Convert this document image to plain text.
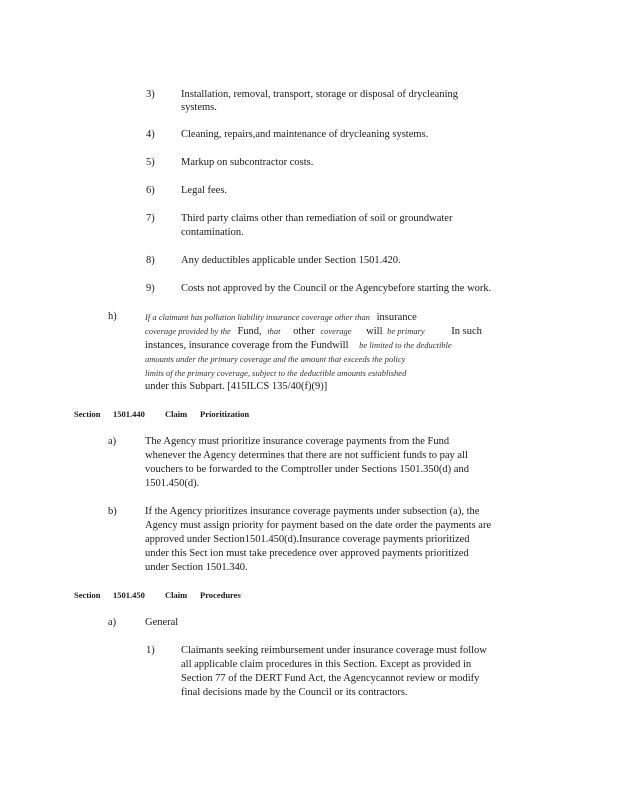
3)	Installation, removal, transport, storage or disposal of drycleaning
systems.
4)	Cleaning, repairs,and maintenance of drycleaning systems.
5)	Markup on subcontractor costs.
6)	Legal fees.
7)	Third party claims other than remediation of soil or groundwater
contamination.
8)	Any deductibles applicable under Section 1501.420.
9)	Costs not approved by the Council or the Agencybefore starting the work.
h)	If a claimant has pollution liability insurance coverage other than insurance
coverage provided by the Fund, that other coverage will be primary	In such
instances, insurance coverage from the Fundwill be limited to the deductible
amounts under the primary coverage and the amount that exceeds the policy
limits of the primary coverage, subject to the deductible amounts established
under this Subpart. [415ILCS 135/40(f)(9)]
Section 1501.440 Claim Prioritization
a)	The Agency must prioritize insurance coverage payments from the Fund
whenever the Agency determines that there are not sufficient funds to pay all
vouchers to be forwarded to the Comptroller under Sections 1501.350(d) and
1501.450(d).
b)	If the Agency prioritizes insurance coverage payments under subsection (a), the
Agency must assign priority for payment based on the date order the payments are
approved under Section1501.450(d).Insurance coverage payments prioritized
under this Sect ion must take precedence over approved payments prioritized
under Section 1501.340.
Section 1501.450 Claim Procedures
a)	General
1)	Claimants seeking reimbursement under insurance coverage must follow
all applicable claim procedures in this Section. Except as provided in
Section 77 of the DERT Fund Act, the Agencycannot review or modify
final decisions made by the Council or its contractors.
